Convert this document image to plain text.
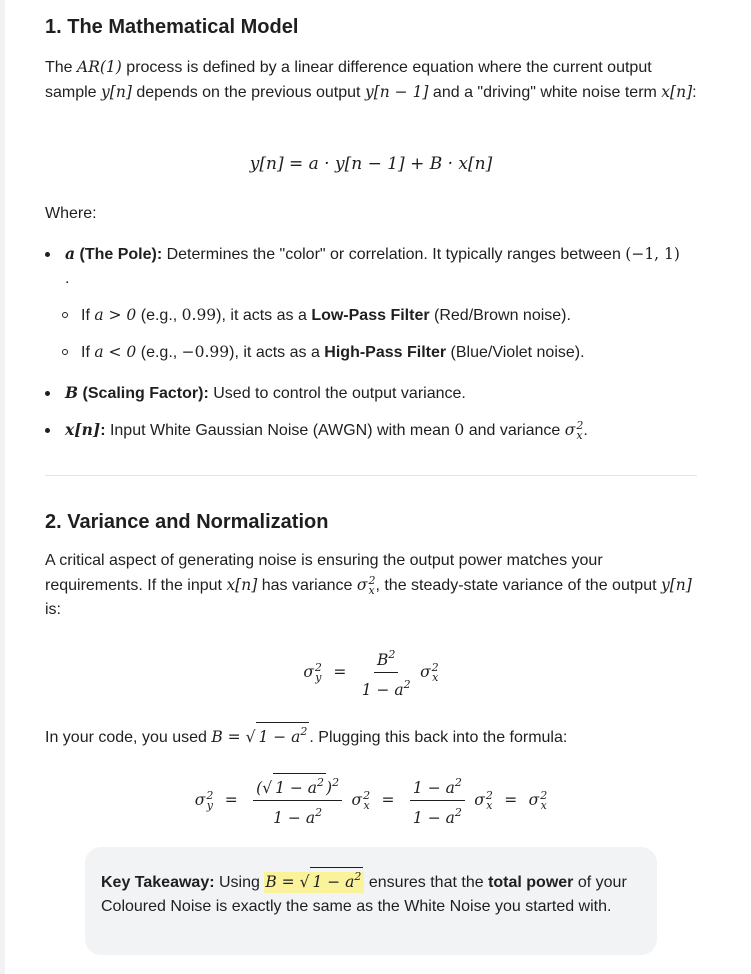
1. The Mathematical Model

The AR(1) process is defined by a linear difference equation where the current output sample y[n] depends on the previous output y[n − 1] and a "driving" white noise term x[n]:

y[n] = a · y[n − 1] + B · x[n]

Where:

a (The Pole): Determines the "color" or correlation. It typically ranges between (−1, 1)
.
If a > 0 (e.g., 0.99), it acts as a Low-Pass Filter (Red/Brown noise).
If a < 0 (e.g., −0.99), it acts as a High-Pass Filter (Blue/Violet noise).
B (Scaling Factor): Used to control the output variance.
x[n]: Input White Gaussian Noise (AWGN) with mean 0 and variance σ 2
x .
2. Variance and Normalization

A critical aspect of generating noise is ensuring the output power matches your requirements. If the input x[n] has variance σ 2
x , the steady-state variance of the output y[n] is:

σ 2
$y = \frac{B^2}{1 - a^2}$ σ 2
x

In your code, you used B = √ $1 - a^2$ . Plugging this back into the formula:

σ 2
$y = \frac{(√ 1 - a^2 )^2}{1 - a^2}$ σ 2
$x = \frac{1 - a^2}{1 - a^2}$ σ 2
x = σ 2
x

Key Takeaway: Using B = √ $1 - a^2$ ensures that the total power of your Coloured Noise is exactly the same as the White Noise you started with.
